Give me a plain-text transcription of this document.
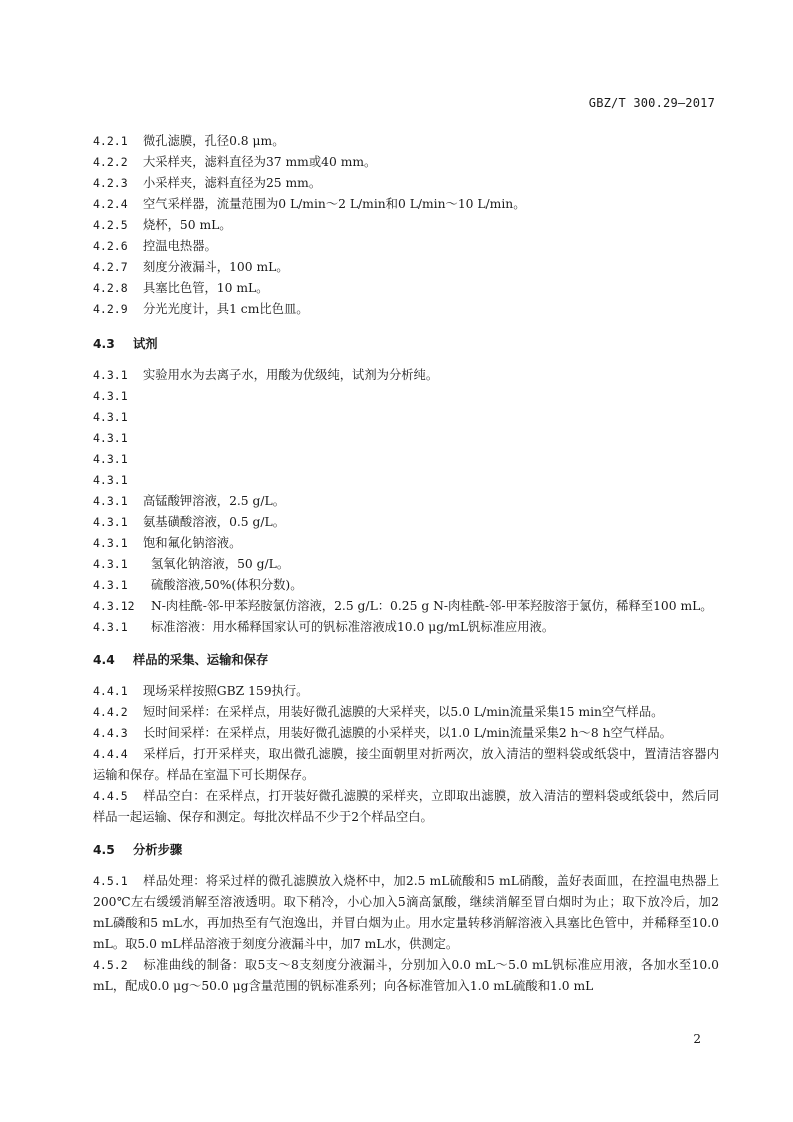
GBZ/T 300.29—2017
4.2.1	微孔滤膜，孔径0.8 μm。
4.2.2	大采样夹，滤料直径为37 mm或40 mm。
4.2.3	小采样夹，滤料直径为25 mm。
4.2.4	空气采样器，流量范围为0 L/min～2 L/min和0 L/min～10 L/min。
4.2.5	烧杯，50 mL。
4.2.6	控温电热器。
4.2.7	刻度分液漏斗，100 mL。
4.2.8	具塞比色管，10 mL。
4.2.9	分光光度计，具1 cm比色皿。
4.3	试剂
4.3.1	实验用水为去离子水，用酸为优级纯，试剂为分析纯。
4.3.1
4.3.1
4.3.1
4.3.1
4.3.1
4.3.1	高锰酸钾溶液，2.5 g/L。
4.3.1	氨基磺酸溶液，0.5 g/L。
4.3.1	饱和氟化钠溶液。
4.3.1	氢氧化钠溶液，50 g/L。
4.3.1	硫酸溶液,50%(体积分数)。
4.3.12 N-肉桂酰-邻-甲苯羟胺氯仿溶液，2.5 g/L：0.25 g N-肉桂酰-邻-甲苯羟胺溶于氯仿，稀释至100 mL。
4.3.1	标准溶液：用水稀释国家认可的钒标准溶液成10.0 μg/mL钒标准应用液。
4.4	样品的采集、运输和保存
4.4.1 现场采样按照GBZ 159执行。
4.4.2 短时间采样：在采样点，用装好微孔滤膜的大采样夹，以5.0 L/min流量采集15 min空气样品。
4.4.3 长时间采样：在采样点，用装好微孔滤膜的小采样夹，以1.0 L/min流量采集2 h～8 h空气样品。
4.4.4 采样后，打开采样夹，取出微孔滤膜，接尘面朝里对折两次，放入清洁的塑料袋或纸袋中，置清洁容器内运输和保存。样品在室温下可长期保存。
4.4.5 样品空白：在采样点，打开装好微孔滤膜的采样夹，立即取出滤膜，放入清洁的塑料袋或纸袋中，然后同样品一起运输、保存和测定。每批次样品不少于2个样品空白。
4.5	分析步骤
4.5.1 样品处理：将采过样的微孔滤膜放入烧杯中，加2.5 mL硫酸和5 mL硝酸，盖好表面皿，在控温电热器上200℃左右缓缓消解至溶液透明。取下稍冷，小心加入5滴高氯酸，继续消解至冒白烟时为止；取下放冷后，加2 mL磷酸和5 mL水，再加热至有气泡逸出，并冒白烟为止。用水定量转移消解溶液入具塞比色管中，并稀释至10.0 mL。取5.0 mL样品溶液于刻度分液漏斗中，加7 mL水，供测定。
4.5.2 标准曲线的制备：取5支～8支刻度分液漏斗，分别加入0.0 mL～5.0 mL钒标准应用液，各加水至10.0 mL，配成0.0 μg～50.0 μg含量范围的钒标准系列；向各标准管加入1.0 mL硫酸和1.0 mL
2
